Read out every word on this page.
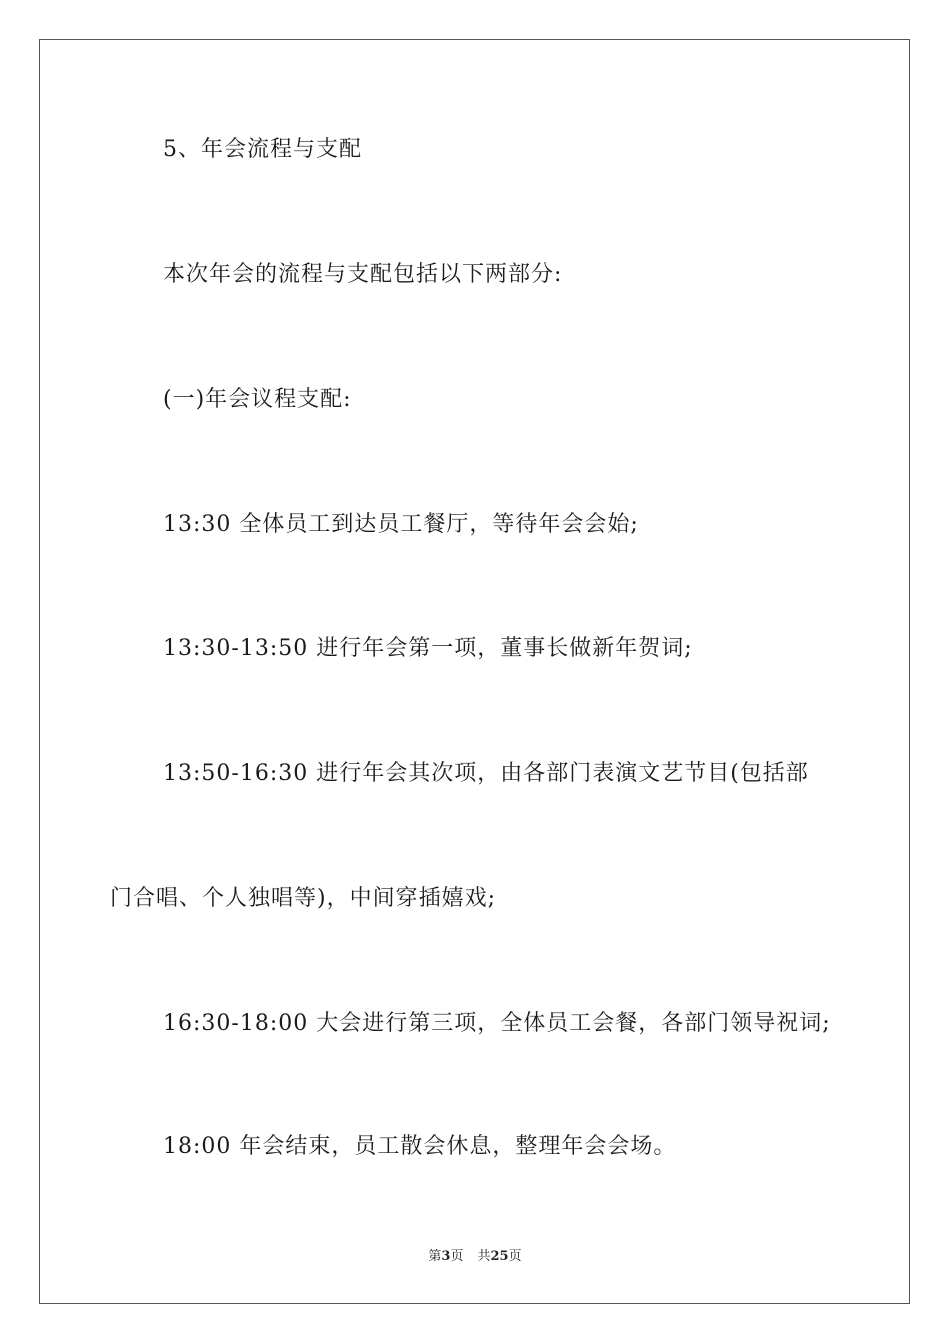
5、年会流程与支配
本次年会的流程与支配包括以下两部分:
(一)年会议程支配:
13:30 全体员工到达员工餐厅，等待年会会始;
13:30-13:50 进行年会第一项，董事长做新年贺词;
13:50-16:30 进行年会其次项，由各部门表演文艺节目(包括部
门合唱、个人独唱等)，中间穿插嬉戏;
16:30-18:00 大会进行第三项，全体员工会餐，各部门领导祝词;
18:00 年会结束，员工散会休息，整理年会会场。
第3页 共25页
